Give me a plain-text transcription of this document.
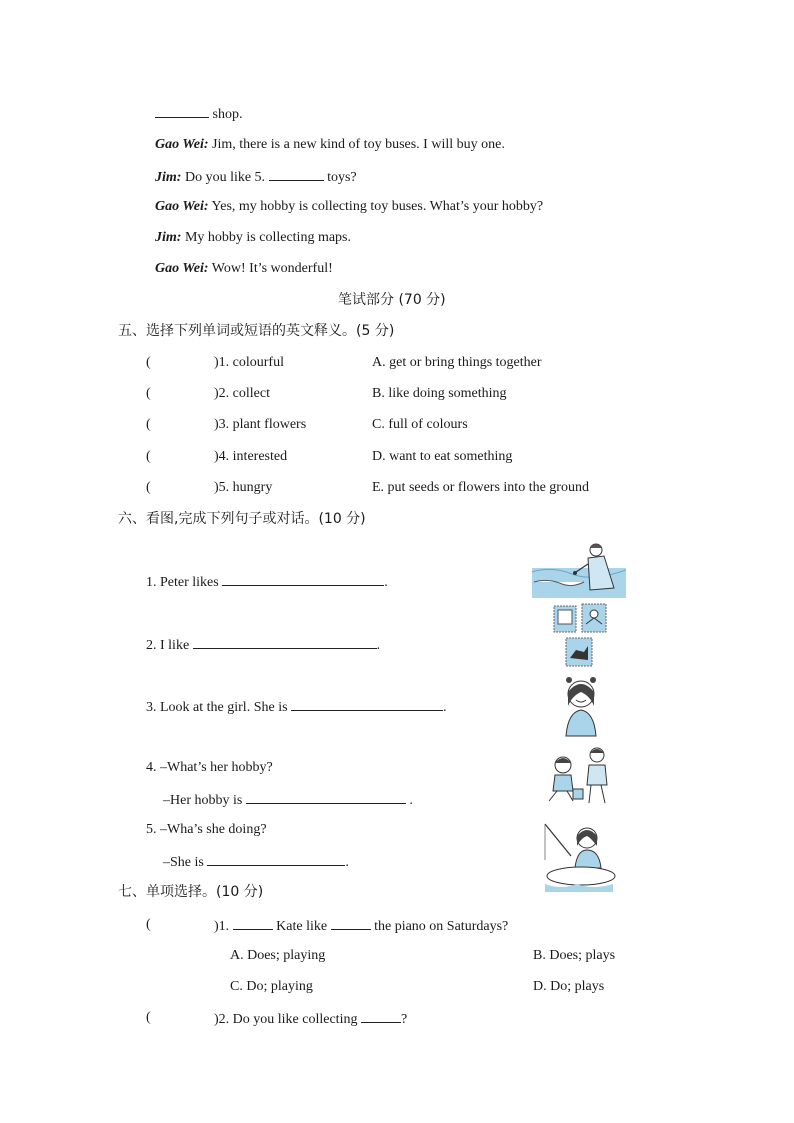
shop.
Gao Wei: Jim, there is a new kind of toy buses. I will buy one.
Jim: Do you like 5.	toys?
Gao Wei: Yes, my hobby is collecting toy buses. What’s your hobby?
Jim: My hobby is collecting maps.
Gao Wei: Wow! It’s wonderful!
笔试部分 (70 分)
五、选择下列单词或短语的英文释义。(5 分)
(	)1. colourful	A. get or bring things together
(	)2. collect	B. like doing something
(	)3. plant flowers	C. full of colours
(	)4. interested	D. want to eat something
(	)5. hungry	E. put seeds or flowers into the ground
六、看图,完成下列句子或对话。(10 分)
1. Peter likes	.
2. I like	.
3. Look at the girl. She is	.
4. –What’s her hobby?
–Her hobby is	.
5. –Wha’s she doing?
–She is	.
七、单项选择。(10 分)
(	)1.	Kate like	the piano on Saturdays?
A. Does; playing	B. Does; plays
C. Do; playing	D. Do; plays
(	)2. Do you like collecting	?
